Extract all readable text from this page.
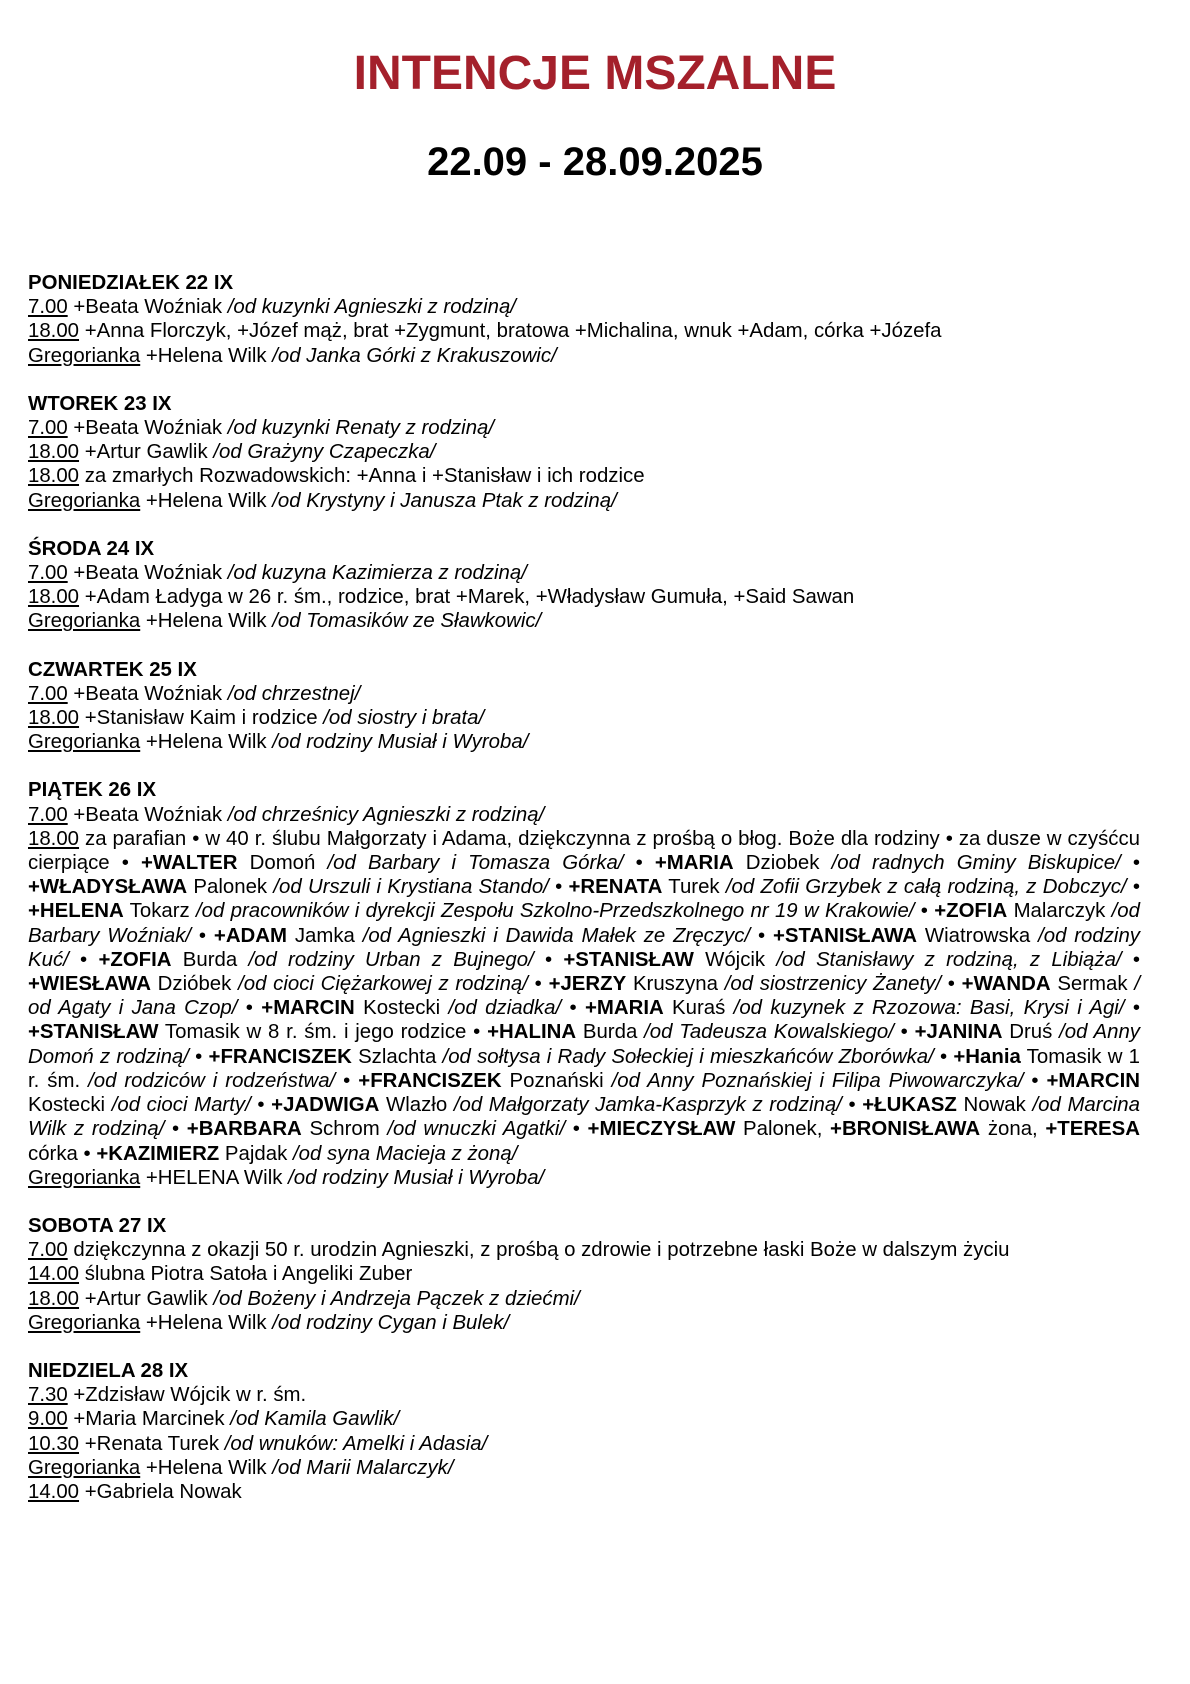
INTENCJE MSZALNE
22.09 - 28.09.2025
PONIEDZIAŁEK 22 IX
7.00 +Beata Woźniak /od kuzynki Agnieszki z rodziną/
18.00 +Anna Florczyk, +Józef mąż, brat +Zygmunt, bratowa +Michalina, wnuk +Adam, córka +Józefa
Gregorianka +Helena Wilk /od Janka Górki z Krakuszowic/
WTOREK 23 IX
7.00 +Beata Woźniak /od kuzynki Renaty z rodziną/
18.00 +Artur Gawlik /od Grażyny Czapeczka/
18.00 za zmarłych Rozwadowskich: +Anna i +Stanisław i ich rodzice
Gregorianka +Helena Wilk /od Krystyny i Janusza Ptak z rodziną/
ŚRODA 24 IX
7.00 +Beata Woźniak /od kuzyna Kazimierza z rodziną/
18.00 +Adam Ładyga w 26 r. śm., rodzice, brat +Marek, +Władysław Gumuła, +Said Sawan
Gregorianka +Helena Wilk /od Tomasików ze Sławkowic/
CZWARTEK 25 IX
7.00 +Beata Woźniak /od chrzestnej/
18.00 +Stanisław Kaim i rodzice /od siostry i brata/
Gregorianka +Helena Wilk /od rodziny Musiał i Wyroba/
PIĄTEK 26 IX
7.00 +Beata Woźniak /od chrześnicy Agnieszki z rodziną/
18.00 za parafian • w 40 r. ślubu Małgorzaty i Adama, dziękczynna z prośbą o błog. Boże dla rodziny • za dusze w czyśćcu cierpiące • +WALTER Domoń /od Barbary i Tomasza Górka/ • +MARIA Dziobek /od radnych Gminy Biskupice/ • +WŁADYSŁAWA Palonek /od Urszuli i Krystiana Stando/ • +RENATA Turek /od Zofii Grzybek z całą rodziną, z Dobczyc/ • +HELENA Tokarz /od pracowników i dyrekcji Zespołu Szkolno-Przedszkolnego nr 19 w Krakowie/ • +ZOFIA Malarczyk /od Barbary Woźniak/ • +ADAM Jamka /od Agnieszki i Dawida Małek ze Zręczyc/ • +STANISŁAWA Wiatrowska /od rodziny Kuć/ • +ZOFIA Burda /od rodziny Urban z Bujnego/ • +STANISŁAW Wójcik /od Stanisławy z rodziną, z Libiąża/ • +WIESŁAWA Dzióbek /od cioci Ciężarkowej z rodziną/ • +JERZY Kruszyna /od siostrzenicy Żanety/ • +WANDA Sermak / od Agaty i Jana Czop/ • +MARCIN Kostecki /od dziadka/ • +MARIA Kuraś /od kuzynek z Rzozowa: Basi, Krysi i Agi/ • +STANISŁAW Tomasik w 8 r. śm. i jego rodzice • +HALINA Burda /od Tadeusza Kowalskiego/ • +JANINA Druś /od Anny Domoń z rodziną/ • +FRANCISZEK Szlachta /od sołtysa i Rady Sołeckiej i mieszkańców Zborówka/ • +Hania Tomasik w 1 r. śm. /od rodziców i rodzeństwa/ • +FRANCISZEK Poznański /od Anny Poznańskiej i Filipa Piwowarczyka/ • +MARCIN Kostecki /od cioci Marty/ • +JADWIGA Wlazło /od Małgorzaty Jamka-Kasprzyk z rodziną/ • +ŁUKASZ Nowak /od Marcina Wilk z rodziną/ • +BARBARA Schrom /od wnuczki Agatki/ • +MIECZYSŁAW Palonek, +BRONISŁAWA żona, +TERESA córka • +KAZIMIERZ Pajdak /od syna Macieja z żoną/
Gregorianka +HELENA Wilk /od rodziny Musiał i Wyroba/
SOBOTA 27 IX
7.00 dziękczynna z okazji 50 r. urodzin Agnieszki, z prośbą o zdrowie i potrzebne łaski Boże w dalszym życiu
14.00 ślubna Piotra Satoła i Angeliki Zuber
18.00 +Artur Gawlik /od Bożeny i Andrzeja Pączek z dziećmi/
Gregorianka +Helena Wilk /od rodziny Cygan i Bulek/
NIEDZIELA 28 IX
7.30 +Zdzisław Wójcik w r. śm.
9.00 +Maria Marcinek /od Kamila Gawlik/
10.30 +Renata Turek /od wnuków: Amelki i Adasia/
Gregorianka +Helena Wilk /od Marii Malarczyk/
14.00 +Gabriela Nowak
